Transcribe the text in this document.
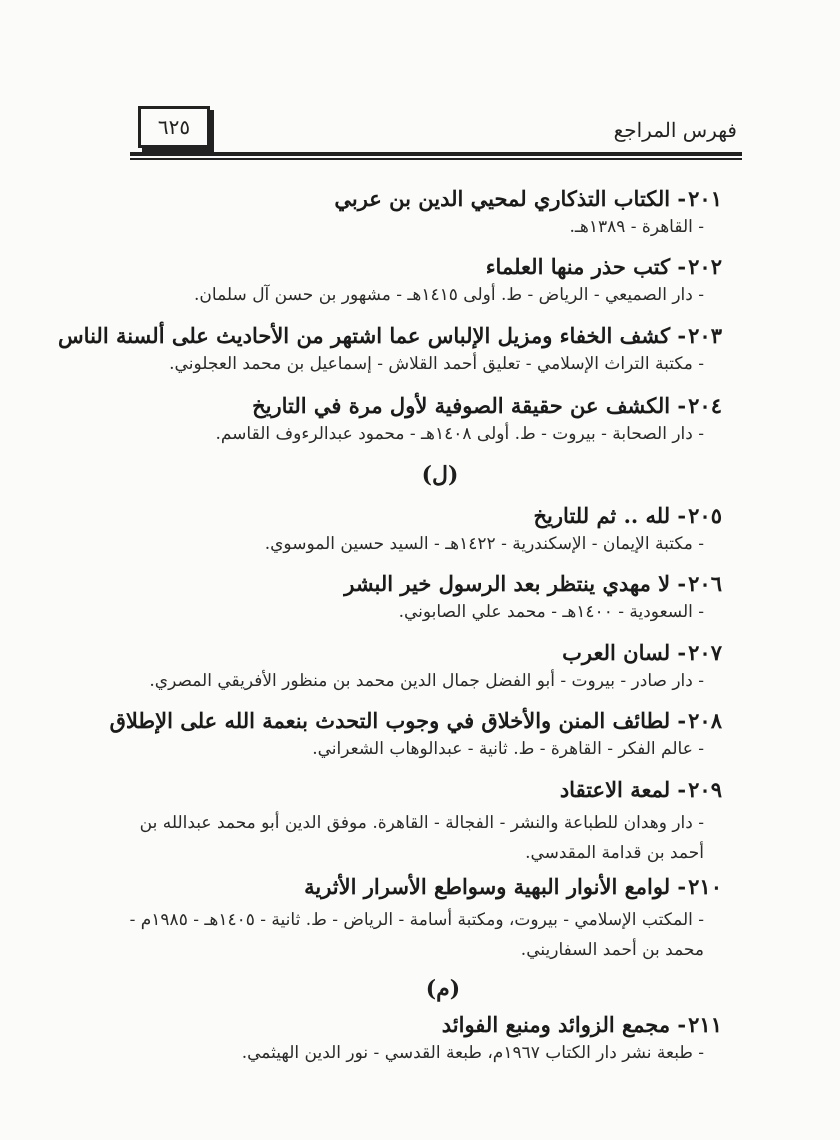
فهرس المراجع
٦٢٥
٢٠١- الكتاب التذكاري لمحيي الدين بن عربي
- القاهرة - ١٣٨٩هـ.
٢٠٢- كتب حذر منها العلماء
- دار الصميعي - الرياض - ط. أولى ١٤١٥هـ - مشهور بن حسن آل سلمان.
٢٠٣- كشف الخفاء ومزيل الإلباس عما اشتهر من الأحاديث على ألسنة الناس
- مكتبة التراث الإسلامي - تعليق أحمد القلاش - إسماعيل بن محمد العجلوني.
٢٠٤- الكشف عن حقيقة الصوفية لأول مرة في التاريخ
- دار الصحابة - بيروت - ط. أولى ١٤٠٨هـ - محمود عبدالرءوف القاسم.
(ل)
٢٠٥- لله .. ثم للتاريخ
- مكتبة الإيمان - الإسكندرية - ١٤٢٢هـ - السيد حسين الموسوي.
٢٠٦- لا مهدي ينتظر بعد الرسول خير البشر
- السعودية - ١٤٠٠هـ - محمد علي الصابوني.
٢٠٧- لسان العرب
- دار صادر - بيروت - أبو الفضل جمال الدين محمد بن منظور الأفريقي المصري.
٢٠٨- لطائف المنن والأخلاق في وجوب التحدث بنعمة الله على الإطلاق
- عالم الفكر - القاهرة - ط. ثانية - عبدالوهاب الشعراني.
٢٠٩- لمعة الاعتقاد
- دار وهدان للطباعة والنشر - الفجالة - القاهرة. موفق الدين أبو محمد عبدالله بن أحمد بن قدامة المقدسي.
٢١٠- لوامع الأنوار البهية وسواطع الأسرار الأثرية
- المكتب الإسلامي - بيروت، ومكتبة أسامة - الرياض - ط. ثانية - ١٤٠٥هـ - ١٩٨٥م - محمد بن أحمد السفاريني.
(م)
٢١١- مجمع الزوائد ومنبع الفوائد
- طبعة نشر دار الكتاب ١٩٦٧م، طبعة القدسي - نور الدين الهيثمي.
